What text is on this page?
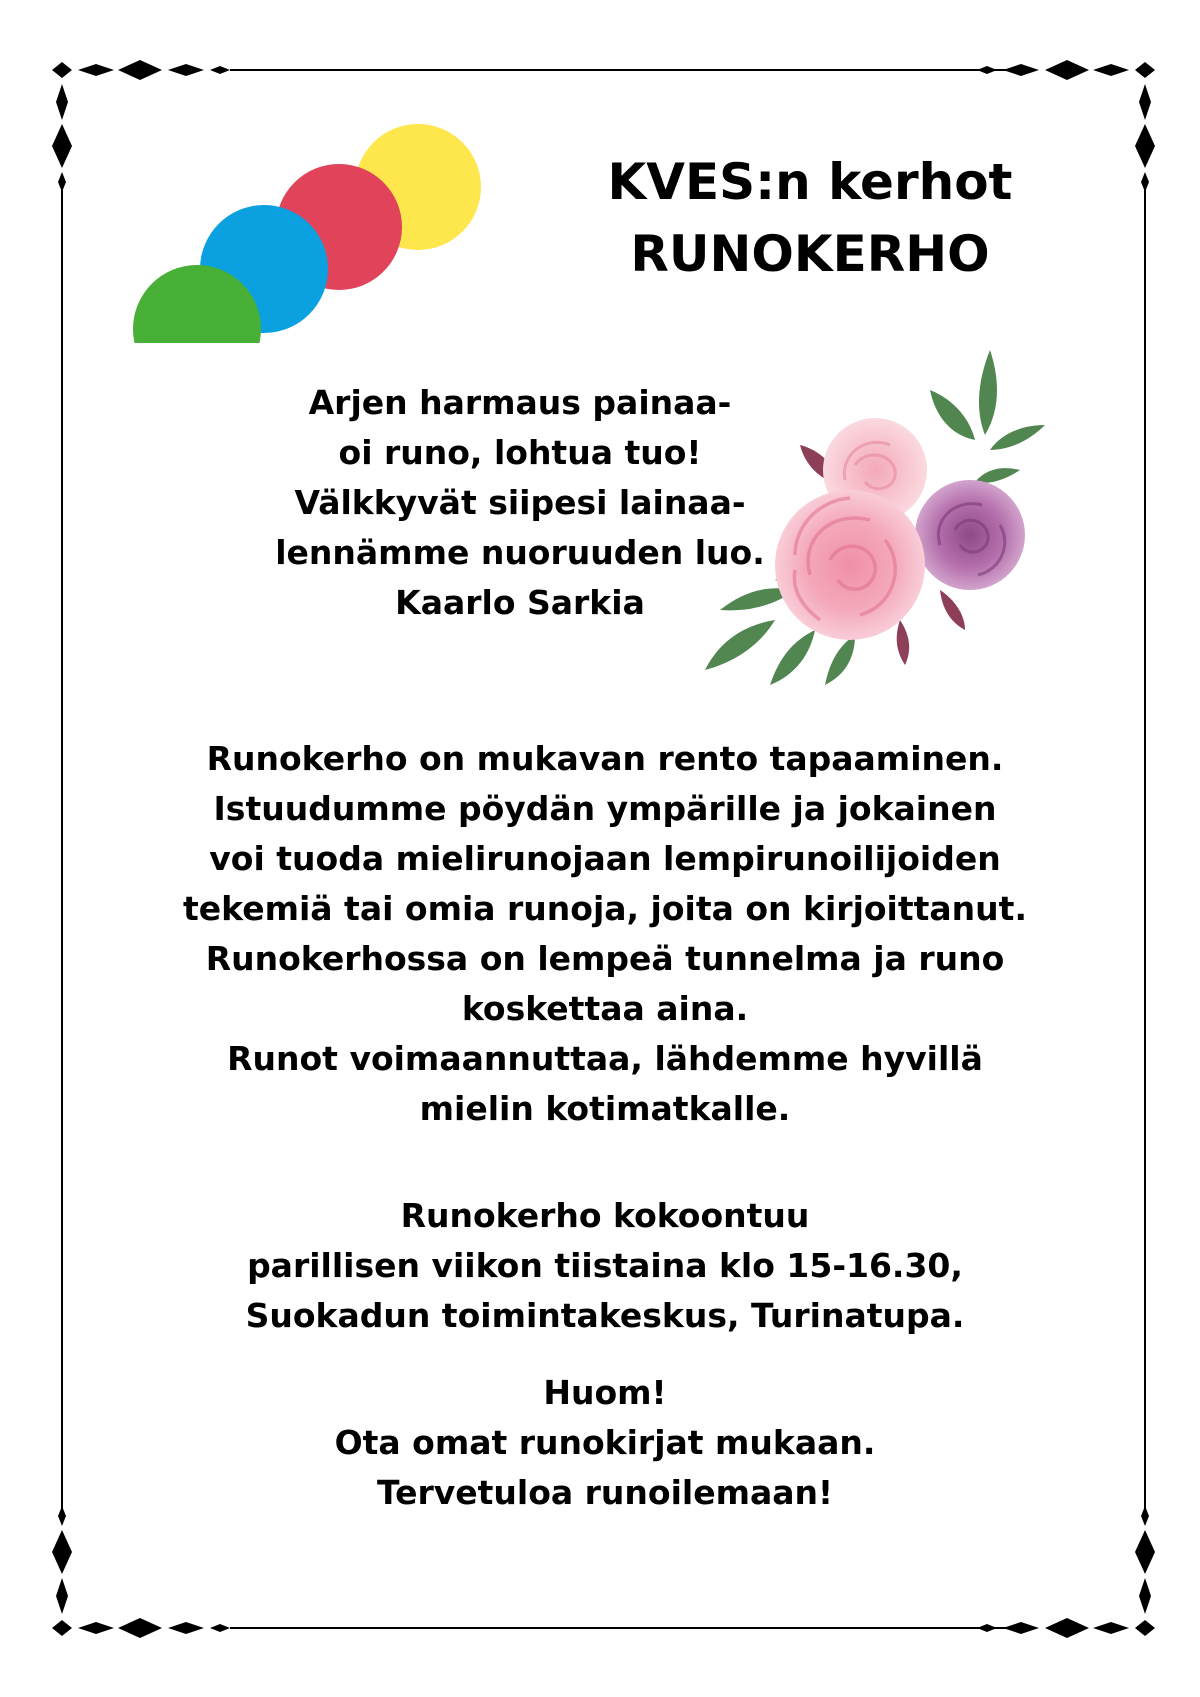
KVES:n kerhot
RUNOKERHO
Arjen harmaus painaa-
oi runo, lohtua tuo!
Välkkyvät siipesi lainaa-
lennämme nuoruuden luo.
Kaarlo Sarkia
Runokerho on mukavan rento tapaaminen.
Istuudumme pöydän ympärille ja jokainen
voi tuoda mielirunojaan lempirunoilijoiden
tekemiä tai omia runoja, joita on kirjoittanut.
Runokerhossa on lempeä tunnelma ja runo
koskettaa aina.
Runot voimaannuttaa, lähdemme hyvillä
mielin kotimatkalle.
Runokerho kokoontuu
parillisen viikon tiistaina klo 15-16.30,
Suokadun toimintakeskus, Turinatupa.
Huom!
Ota omat runokirjat mukaan.
Tervetuloa runoilemaan!
